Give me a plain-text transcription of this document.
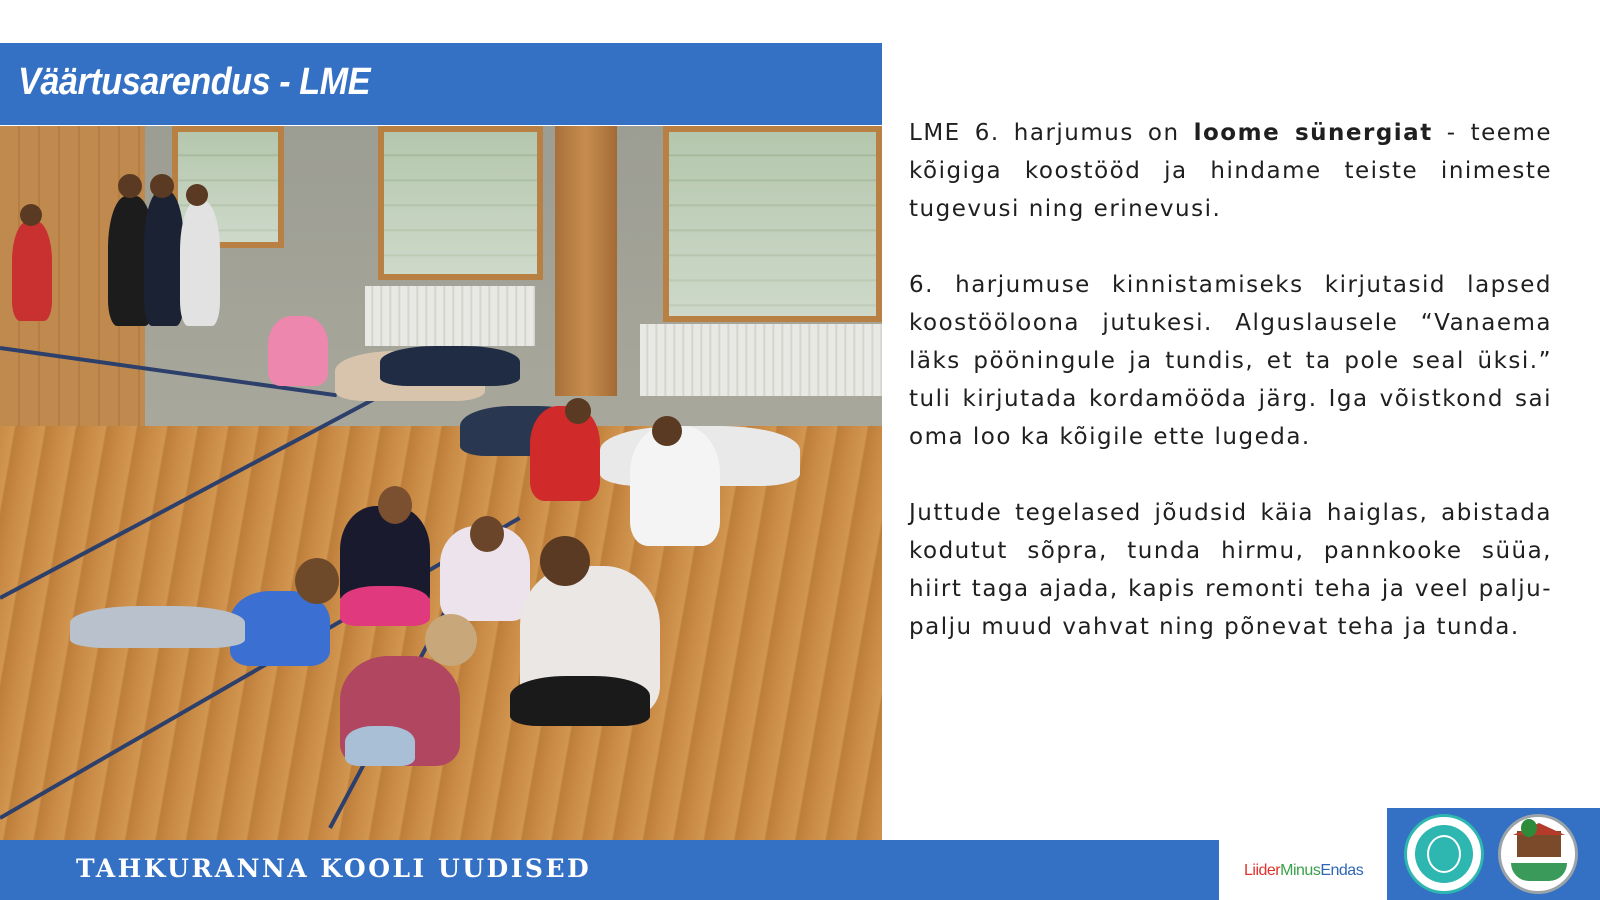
Väärtusarendus - LME

LME 6. harjumus on loome sünergiat - teeme kõigiga koostööd ja hindame teiste inimeste tugevusi ning erinevusi.

6. harjumuse kinnistamiseks kirjutasid lapsed koostööloona jutukesi. Alguslausele “Vanaema läks pööningule ja tundis, et ta pole seal üksi.” tuli kirjutada kordamööda järg. Iga võistkond sai oma loo ka kõigile ette lugeda.

Juttude tegelased jõudsid käia haiglas, abistada kodutut sõpra, tunda hirmu, pannkooke süüa, hiirt taga ajada, kapis remonti teha ja veel palju-palju muud vahvat ning põnevat teha ja tunda.

TAHKURANNA KOOLI UUDISED	LiiderMinusEndas
